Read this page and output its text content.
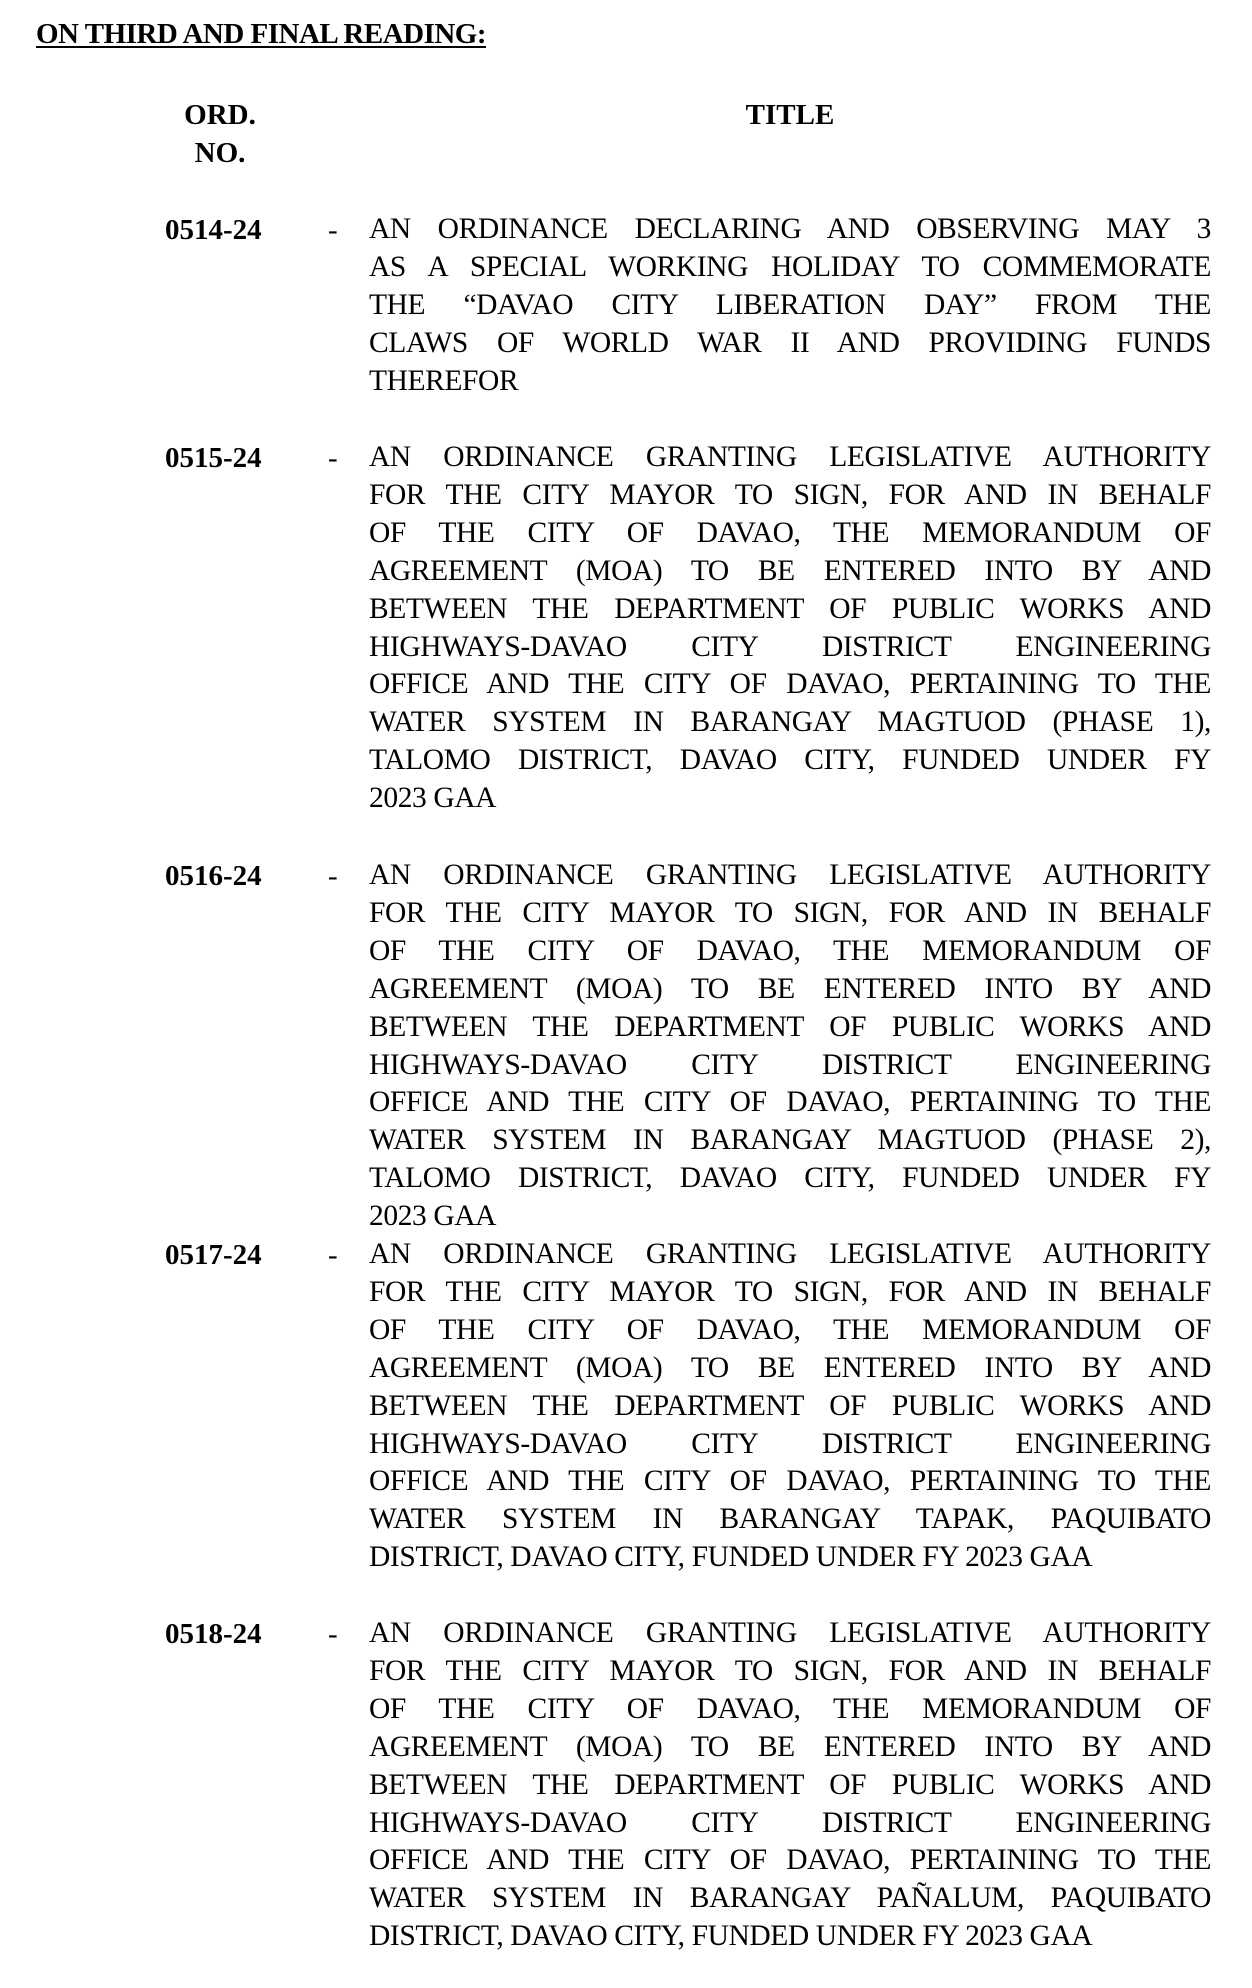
ON THIRD AND FINAL READING:
ORD.
NO.
TITLE
0514-24 - AN ORDINANCE DECLARING AND OBSERVING MAY 3
AS A SPECIAL WORKING HOLIDAY TO COMMEMORATE
THE “DAVAO CITY LIBERATION DAY” FROM THE
CLAWS OF WORLD WAR II AND PROVIDING FUNDS
THEREFOR
0515-24 - AN ORDINANCE GRANTING LEGISLATIVE AUTHORITY
FOR THE CITY MAYOR TO SIGN, FOR AND IN BEHALF
OF THE CITY OF DAVAO, THE MEMORANDUM OF
AGREEMENT (MOA) TO BE ENTERED INTO BY AND
BETWEEN THE DEPARTMENT OF PUBLIC WORKS AND
HIGHWAYS-DAVAO CITY DISTRICT ENGINEERING
OFFICE AND THE CITY OF DAVAO, PERTAINING TO THE
WATER SYSTEM IN BARANGAY MAGTUOD (PHASE 1),
TALOMO DISTRICT, DAVAO CITY, FUNDED UNDER FY
2023 GAA
0516-24 - AN ORDINANCE GRANTING LEGISLATIVE AUTHORITY
FOR THE CITY MAYOR TO SIGN, FOR AND IN BEHALF
OF THE CITY OF DAVAO, THE MEMORANDUM OF
AGREEMENT (MOA) TO BE ENTERED INTO BY AND
BETWEEN THE DEPARTMENT OF PUBLIC WORKS AND
HIGHWAYS-DAVAO CITY DISTRICT ENGINEERING
OFFICE AND THE CITY OF DAVAO, PERTAINING TO THE
WATER SYSTEM IN BARANGAY MAGTUOD (PHASE 2),
TALOMO DISTRICT, DAVAO CITY, FUNDED UNDER FY
2023 GAA
0517-24 - AN ORDINANCE GRANTING LEGISLATIVE AUTHORITY
FOR THE CITY MAYOR TO SIGN, FOR AND IN BEHALF
OF THE CITY OF DAVAO, THE MEMORANDUM OF
AGREEMENT (MOA) TO BE ENTERED INTO BY AND
BETWEEN THE DEPARTMENT OF PUBLIC WORKS AND
HIGHWAYS-DAVAO CITY DISTRICT ENGINEERING
OFFICE AND THE CITY OF DAVAO, PERTAINING TO THE
WATER SYSTEM IN BARANGAY TAPAK, PAQUIBATO
DISTRICT, DAVAO CITY, FUNDED UNDER FY 2023 GAA
0518-24 - AN ORDINANCE GRANTING LEGISLATIVE AUTHORITY
FOR THE CITY MAYOR TO SIGN, FOR AND IN BEHALF
OF THE CITY OF DAVAO, THE MEMORANDUM OF
AGREEMENT (MOA) TO BE ENTERED INTO BY AND
BETWEEN THE DEPARTMENT OF PUBLIC WORKS AND
HIGHWAYS-DAVAO CITY DISTRICT ENGINEERING
OFFICE AND THE CITY OF DAVAO, PERTAINING TO THE
WATER SYSTEM IN BARANGAY PAÑALUM, PAQUIBATO
DISTRICT, DAVAO CITY, FUNDED UNDER FY 2023 GAA
